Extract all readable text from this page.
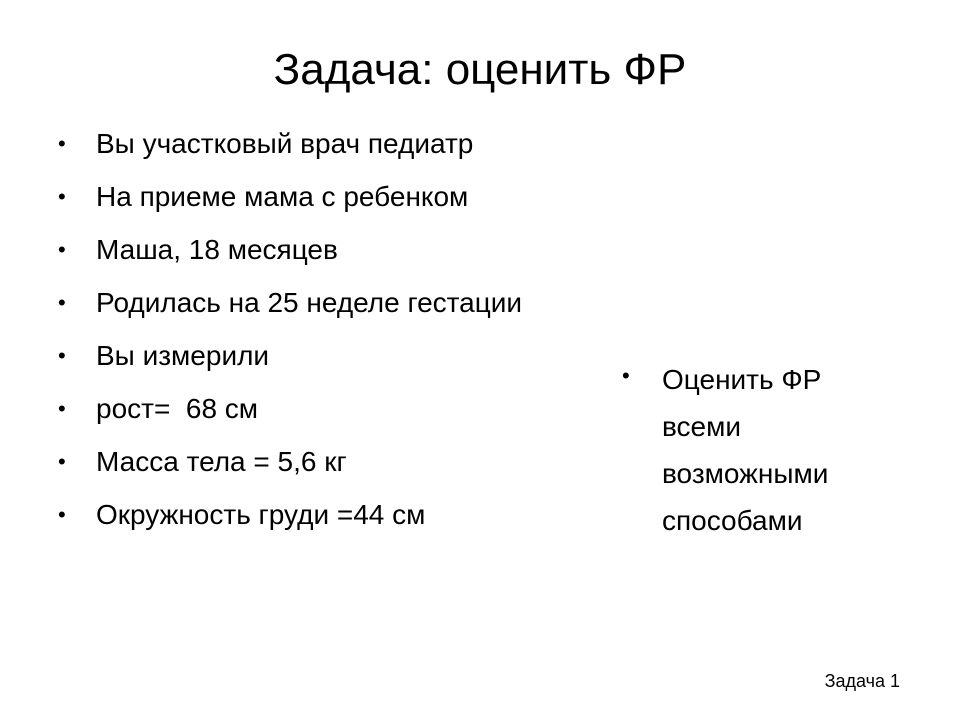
Задача: оценить ФР
• Вы участковый врач педиатр
• На приеме мама с ребенком
• Маша, 18 месяцев
• Родилась на 25 неделе гестации
• Вы измерили
• рост=  68 см
• Масса тела = 5,6 кг
• Окружность груди =44 см
• Оценить ФР всеми возможными способами
Задача 1
